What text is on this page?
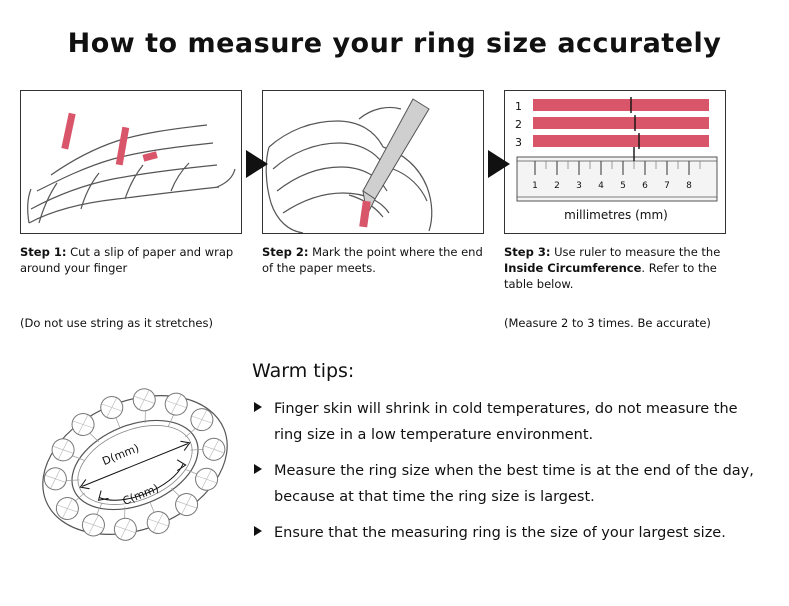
How to measure your ring size accurately
Step 1: Cut a slip of paper and wrap around your finger
Step 2: Mark the point where the end of the paper meets.
1
2
3
1 2 3 4 5 6 7 8
millimetres (mm)
Step 3: Use ruler to measure the the Inside Circumference. Refer to the table below.
(Do not use string as it stretches)	(Measure 2 to 3 times. Be accurate)
D(mm)
C(mm)
Warm tips:
Finger skin will shrink in cold temperatures, do not measure the ring size in a low temperature environment.
Measure the ring size when the best time is at the end of the day, because at that time the ring size is largest.
Ensure that the measuring ring is the size of your largest size.
